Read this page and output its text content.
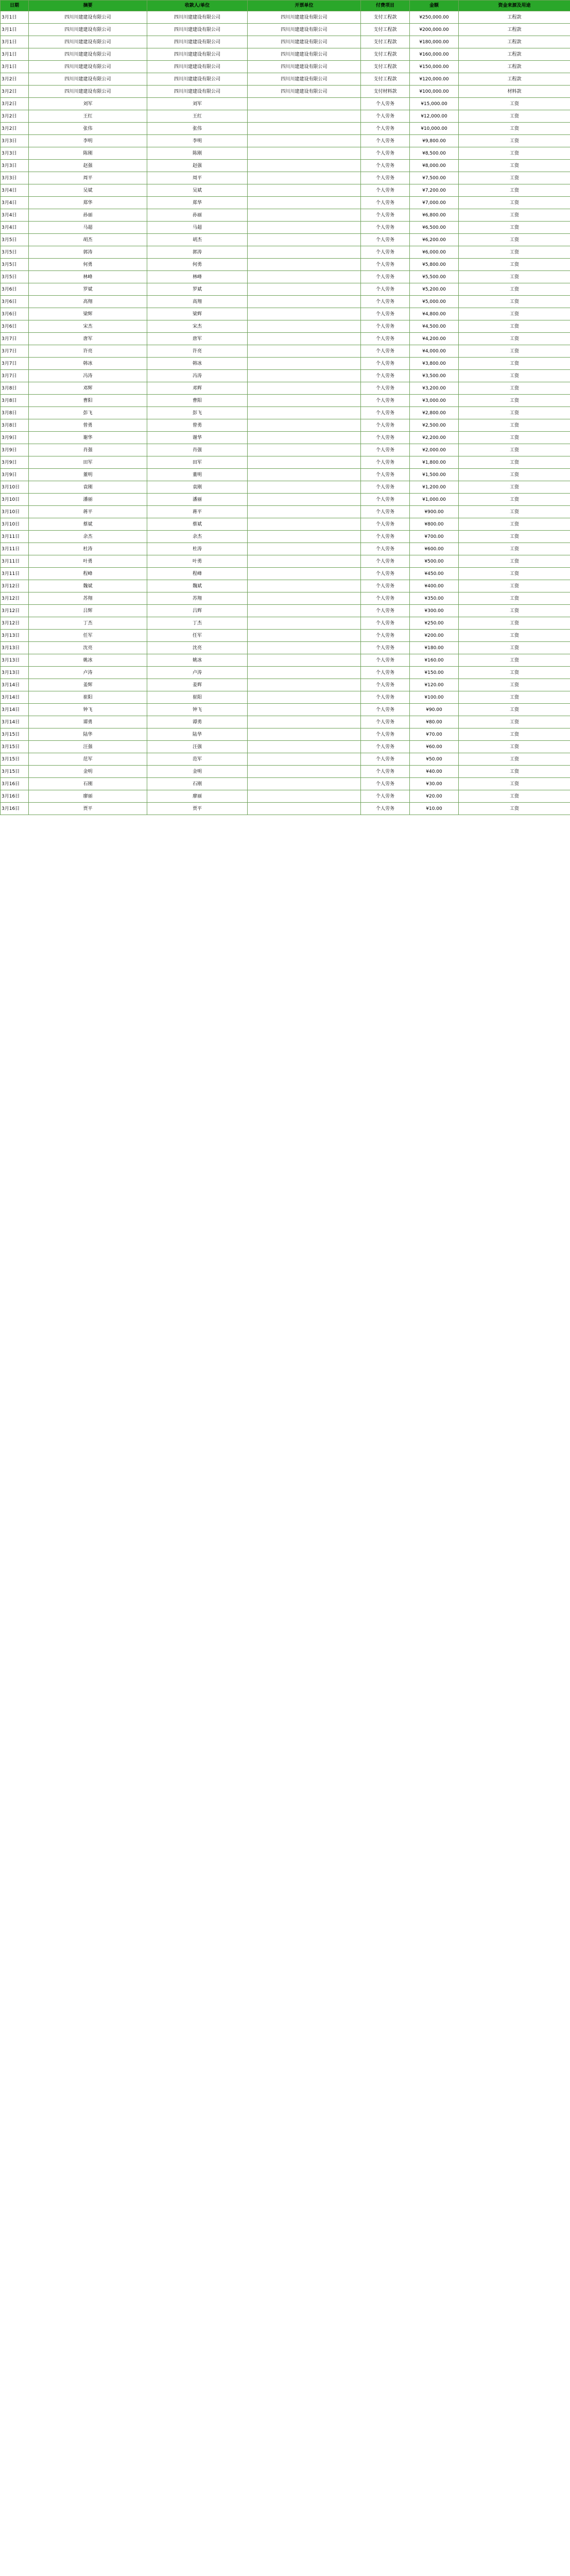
日期	摘要	收款人/单位	开票单位	付费项目	金额	资金来源及用途
3月1日	四川川建建设有限公司	四川川建建设有限公司	四川川建建设有限公司	支付工程款	¥250,000.00	工程款
3月1日	四川川建建设有限公司	四川川建建设有限公司	四川川建建设有限公司	支付工程款	¥200,000.00	工程款
3月1日	四川川建建设有限公司	四川川建建设有限公司	四川川建建设有限公司	支付工程款	¥180,000.00	工程款
3月1日	四川川建建设有限公司	四川川建建设有限公司	四川川建建设有限公司	支付工程款	¥160,000.00	工程款
3月1日	四川川建建设有限公司	四川川建建设有限公司	四川川建建设有限公司	支付工程款	¥150,000.00	工程款
3月2日	四川川建建设有限公司	四川川建建设有限公司	四川川建建设有限公司	支付工程款	¥120,000.00	工程款
3月2日	四川川建建设有限公司	四川川建建设有限公司	四川川建建设有限公司	支付材料款	¥100,000.00	材料款
3月2日	刘军	刘军		个人劳务	¥15,000.00	工资
3月2日	王红	王红		个人劳务	¥12,000.00	工资
3月2日	张伟	张伟		个人劳务	¥10,000.00	工资
3月3日	李明	李明		个人劳务	¥9,800.00	工资
3月3日	陈刚	陈刚		个人劳务	¥8,500.00	工资
3月3日	赵强	赵强		个人劳务	¥8,000.00	工资
3月3日	周平	周平		个人劳务	¥7,500.00	工资
3月4日	吴斌	吴斌		个人劳务	¥7,200.00	工资
3月4日	郑华	郑华		个人劳务	¥7,000.00	工资
3月4日	孙丽	孙丽		个人劳务	¥6,800.00	工资
3月4日	马超	马超		个人劳务	¥6,500.00	工资
3月5日	胡杰	胡杰		个人劳务	¥6,200.00	工资
3月5日	郭涛	郭涛		个人劳务	¥6,000.00	工资
3月5日	何勇	何勇		个人劳务	¥5,800.00	工资
3月5日	林峰	林峰		个人劳务	¥5,500.00	工资
3月6日	罗斌	罗斌		个人劳务	¥5,200.00	工资
3月6日	高翔	高翔		个人劳务	¥5,000.00	工资
3月6日	梁辉	梁辉		个人劳务	¥4,800.00	工资
3月6日	宋杰	宋杰		个人劳务	¥4,500.00	工资
3月7日	唐军	唐军		个人劳务	¥4,200.00	工资
3月7日	许亮	许亮		个人劳务	¥4,000.00	工资
3月7日	韩冰	韩冰		个人劳务	¥3,800.00	工资
3月7日	冯涛	冯涛		个人劳务	¥3,500.00	工资
3月8日	邓辉	邓辉		个人劳务	¥3,200.00	工资
3月8日	曹阳	曹阳		个人劳务	¥3,000.00	工资
3月8日	彭飞	彭飞		个人劳务	¥2,800.00	工资
3月8日	曾勇	曾勇		个人劳务	¥2,500.00	工资
3月9日	谢华	谢华		个人劳务	¥2,200.00	工资
3月9日	肖强	肖强		个人劳务	¥2,000.00	工资
3月9日	田军	田军		个人劳务	¥1,800.00	工资
3月9日	董明	董明		个人劳务	¥1,500.00	工资
3月10日	袁刚	袁刚		个人劳务	¥1,200.00	工资
3月10日	潘丽	潘丽		个人劳务	¥1,000.00	工资
3月10日	蒋平	蒋平		个人劳务	¥900.00	工资
3月10日	蔡斌	蔡斌		个人劳务	¥800.00	工资
3月11日	余杰	余杰		个人劳务	¥700.00	工资
3月11日	杜涛	杜涛		个人劳务	¥600.00	工资
3月11日	叶勇	叶勇		个人劳务	¥500.00	工资
3月11日	程峰	程峰		个人劳务	¥450.00	工资
3月12日	魏斌	魏斌		个人劳务	¥400.00	工资
3月12日	苏翔	苏翔		个人劳务	¥350.00	工资
3月12日	吕辉	吕辉		个人劳务	¥300.00	工资
3月12日	丁杰	丁杰		个人劳务	¥250.00	工资
3月13日	任军	任军		个人劳务	¥200.00	工资
3月13日	沈亮	沈亮		个人劳务	¥180.00	工资
3月13日	姚冰	姚冰		个人劳务	¥160.00	工资
3月13日	卢涛	卢涛		个人劳务	¥150.00	工资
3月14日	姜辉	姜辉		个人劳务	¥120.00	工资
3月14日	崔阳	崔阳		个人劳务	¥100.00	工资
3月14日	钟飞	钟飞		个人劳务	¥90.00	工资
3月14日	谭勇	谭勇		个人劳务	¥80.00	工资
3月15日	陆华	陆华		个人劳务	¥70.00	工资
3月15日	汪强	汪强		个人劳务	¥60.00	工资
3月15日	范军	范军		个人劳务	¥50.00	工资
3月15日	金明	金明		个人劳务	¥40.00	工资
3月16日	石刚	石刚		个人劳务	¥30.00	工资
3月16日	廖丽	廖丽		个人劳务	¥20.00	工资
3月16日	贾平	贾平		个人劳务	¥10.00	工资
